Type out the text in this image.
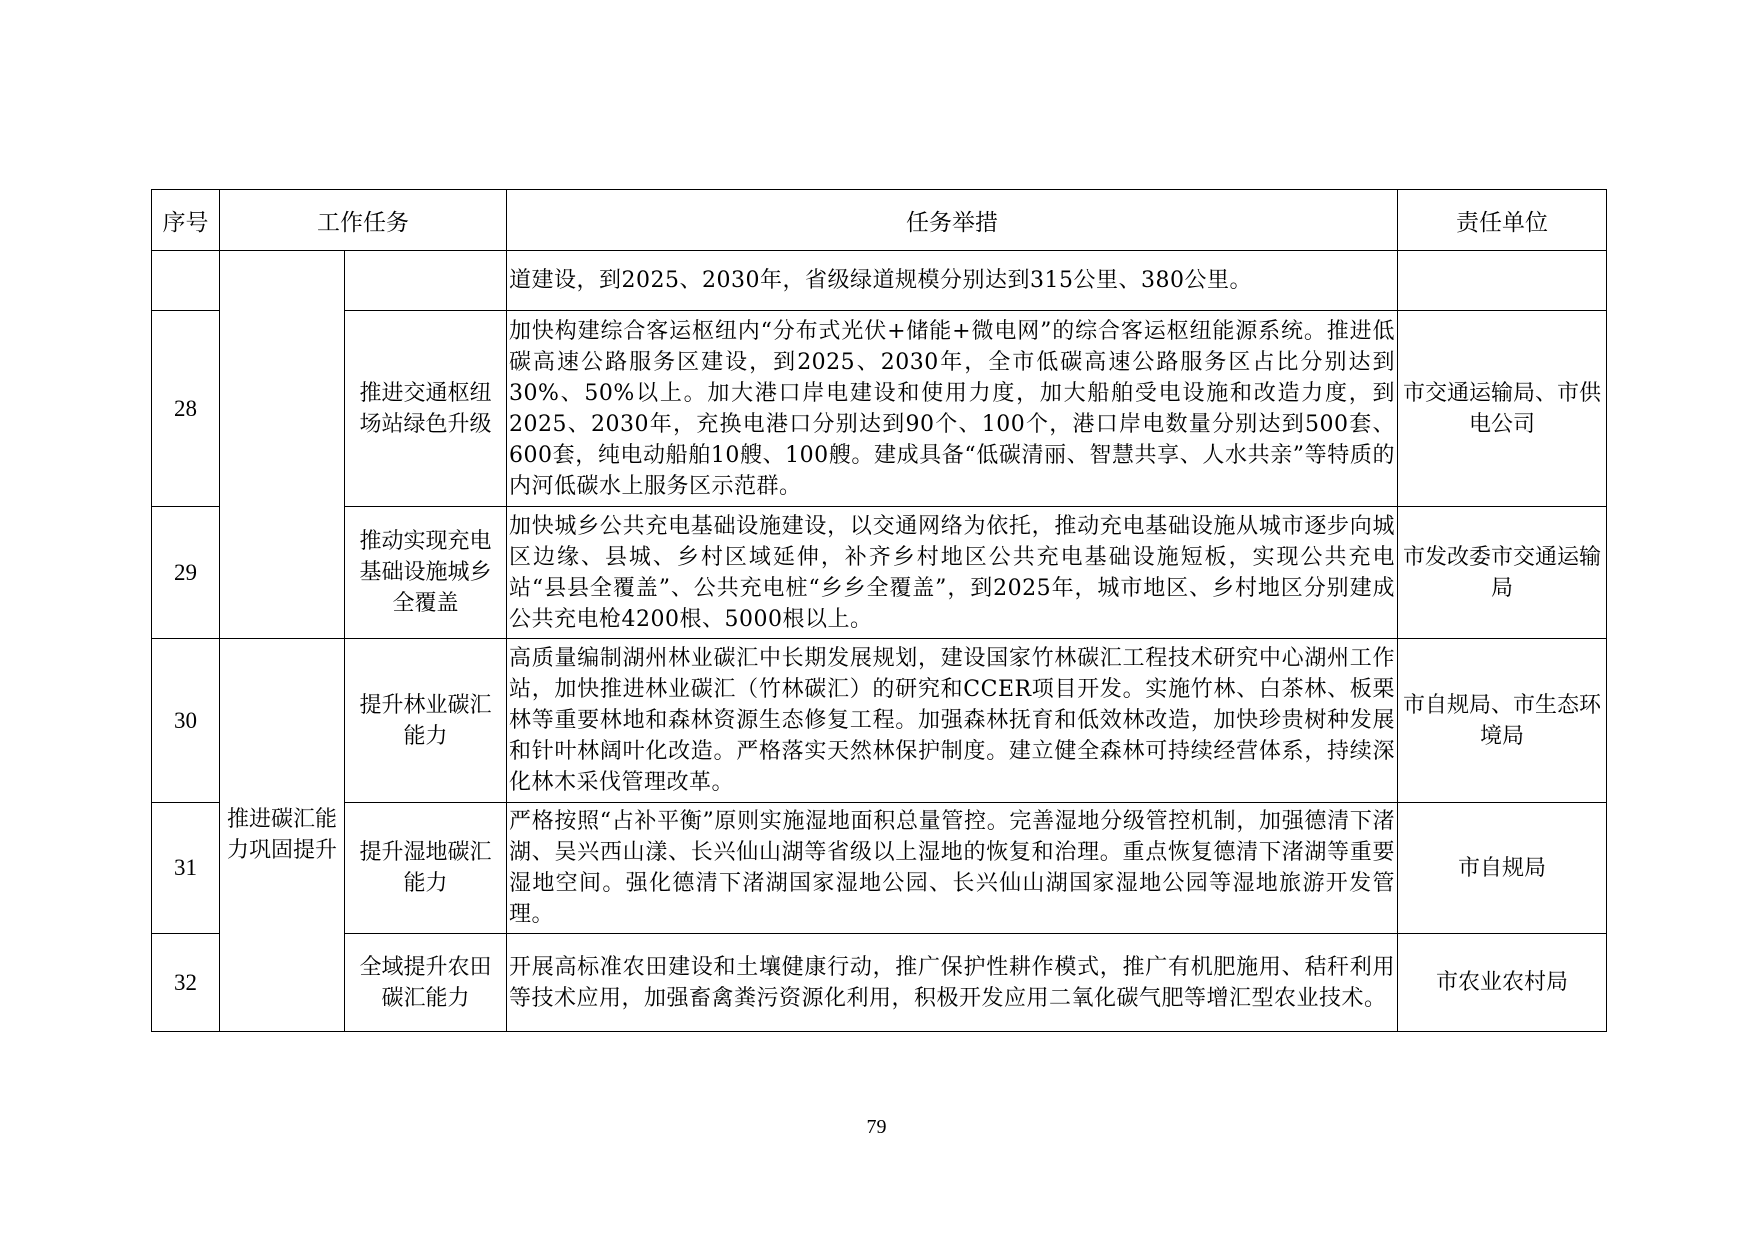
序号	工作任务		任务举措	责任单位
			道建设，到2025、2030年，省级绿道规模分别达到315公里、380公里。	
28		推进交通枢纽场站绿色升级	加快构建综合客运枢纽内“分布式光伏+储能+微电网”的综合客运枢纽能源系统。推进低碳高速公路服务区建设，到2025、2030年，全市低碳高速公路服务区占比分别达到30%、50%以上。加大港口岸电建设和使用力度，加大船舶受电设施和改造力度，到2025、2030年，充换电港口分别达到90个、100个，港口岸电数量分别达到500套、600套，纯电动船舶10艘、100艘。建成具备“低碳清丽、智慧共享、人水共亲”等特质的内河低碳水上服务区示范群。	市交通运输局、市供电公司
29		推动实现充电基础设施城乡全覆盖	加快城乡公共充电基础设施建设，以交通网络为依托，推动充电基础设施从城市逐步向城区边缘、县城、乡村区域延伸，补齐乡村地区公共充电基础设施短板，实现公共充电站“县县全覆盖”、公共充电桩“乡乡全覆盖”，到2025年，城市地区、乡村地区分别建成公共充电枪4200根、5000根以上。	市发改委市交通运输局
30	推进碳汇能力巩固提升	提升林业碳汇能力	高质量编制湖州林业碳汇中长期发展规划，建设国家竹林碳汇工程技术研究中心湖州工作站，加快推进林业碳汇（竹林碳汇）的研究和CCER项目开发。实施竹林、白茶林、板栗林等重要林地和森林资源生态修复工程。加强森林抚育和低效林改造，加快珍贵树种发展和针叶林阔叶化改造。严格落实天然林保护制度。建立健全森林可持续经营体系，持续深化林木采伐管理改革。	市自规局、市生态环境局
31		提升湿地碳汇能力	严格按照“占补平衡”原则实施湿地面积总量管控。完善湿地分级管控机制，加强德清下渚湖、吴兴西山漾、长兴仙山湖等省级以上湿地的恢复和治理。重点恢复德清下渚湖等重要湿地空间。强化德清下渚湖国家湿地公园、长兴仙山湖国家湿地公园等湿地旅游开发管理。	市自规局
32		全域提升农田碳汇能力	开展高标准农田建设和土壤健康行动，推广保护性耕作模式，推广有机肥施用、秸秆利用等技术应用，加强畜禽粪污资源化利用，积极开发应用二氧化碳气肥等增汇型农业技术。	市农业农村局
79
